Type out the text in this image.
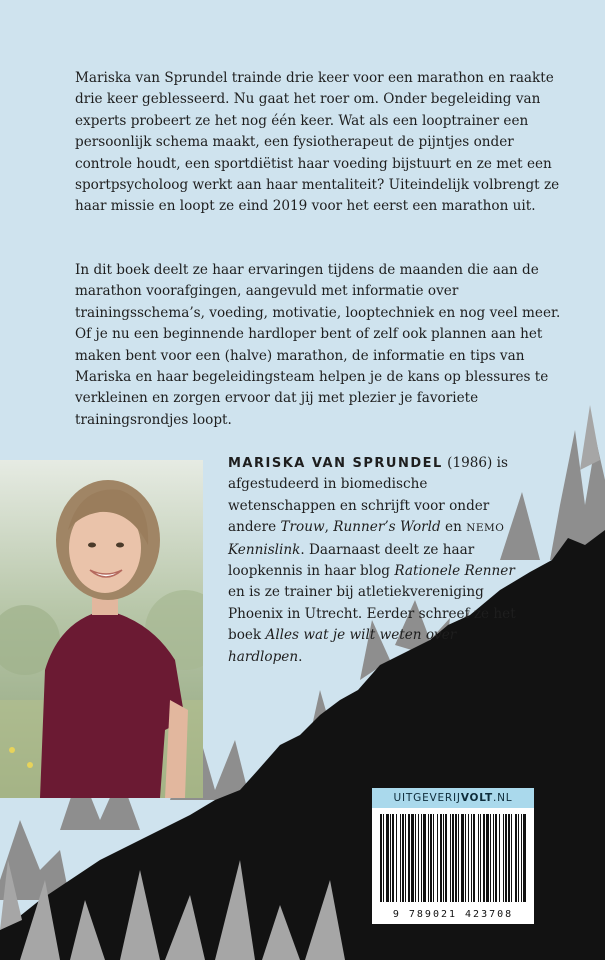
Mariska van Sprundel trainde drie keer voor een marathon en raakte drie keer geblesseerd. Nu gaat het roer om. Onder begeleiding van experts probeert ze het nog één keer. Wat als een looptrainer een persoonlijk schema maakt, een fysiotherapeut de pijntjes onder controle houdt, een sportdiëtist haar voeding bijstuurt en ze met een sportpsycholoog werkt aan haar mentaliteit? Uiteindelijk volbrengt ze haar missie en loopt ze eind 2019 voor het eerst een marathon uit.

In dit boek deelt ze haar ervaringen tijdens de maanden die aan de marathon voorafgingen, aangevuld met informatie over trainingsschema’s, voeding, motivatie, looptechniek en nog veel meer. Of je nu een beginnende hardloper bent of zelf ook plannen aan het maken bent voor een (halve) marathon, de informatie en tips van Mariska en haar begeleidingsteam helpen je de kans op blessures te verkleinen en zorgen ervoor dat jij met plezier je favoriete trainingsrondjes loopt.

MARISKA VAN SPRUNDEL (1986) is afgestudeerd in biomedische wetenschappen en schrijft voor onder andere Trouw, Runner’s World en NEMO Kennislink. Daarnaast deelt ze haar loopkennis in haar blog Rationele Renner en is ze trainer bij atletiekvereniging Phoenix in Utrecht. Eerder schreef ze het boek Alles wat je wilt weten over hardlopen.

UITGEVERIJVOLT.NL
9 789021 423708
